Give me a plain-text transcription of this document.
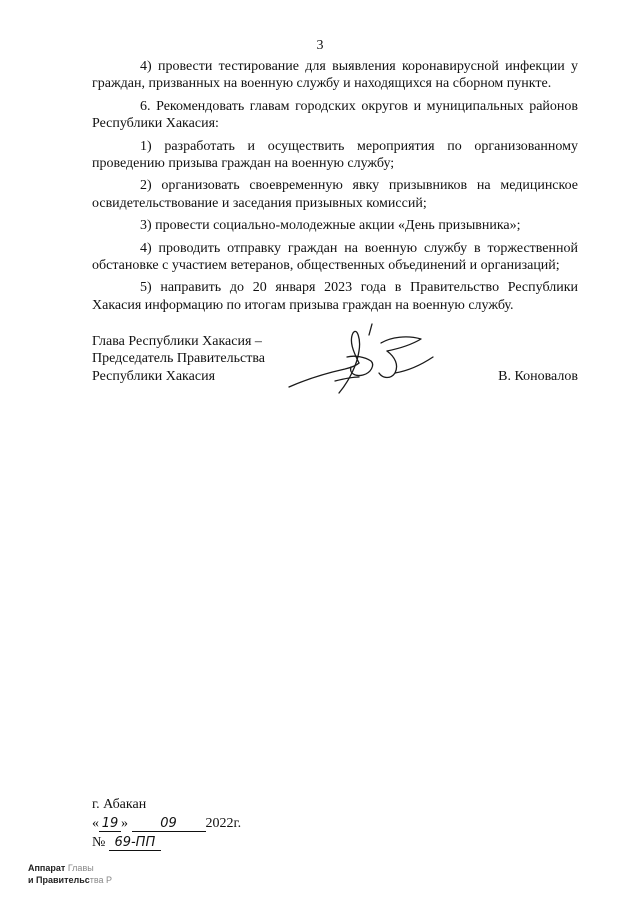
3

4) провести тестирование для выявления коронавирусной инфекции у граждан, призванных на военную службу и находящихся на сборном пункте.

6. Рекомендовать главам городских округов и муниципальных районов Республики Хакасия:

1) разработать и осуществить мероприятия по организованному проведению призыва граждан на военную службу;

2) организовать своевременную явку призывников на медицинское освидетельствование и заседания призывных комиссий;

3) провести социально-молодежные акции «День призывника»;

4) проводить отправку граждан на военную службу в торжественной обстановке с участием ветеранов, общественных объединений и организаций;

5) направить до 20 января 2023 года в Правительство Республики Хакасия информацию по итогам призыва граждан на военную службу.

Глава Республики Хакасия –
Председатель Правительства
Республики Хакасия	В. Коновалов
г. Абакан
« 19 » 09 2022г.
№ 69-ПП
Аппарат Главы
и Правительства Р
